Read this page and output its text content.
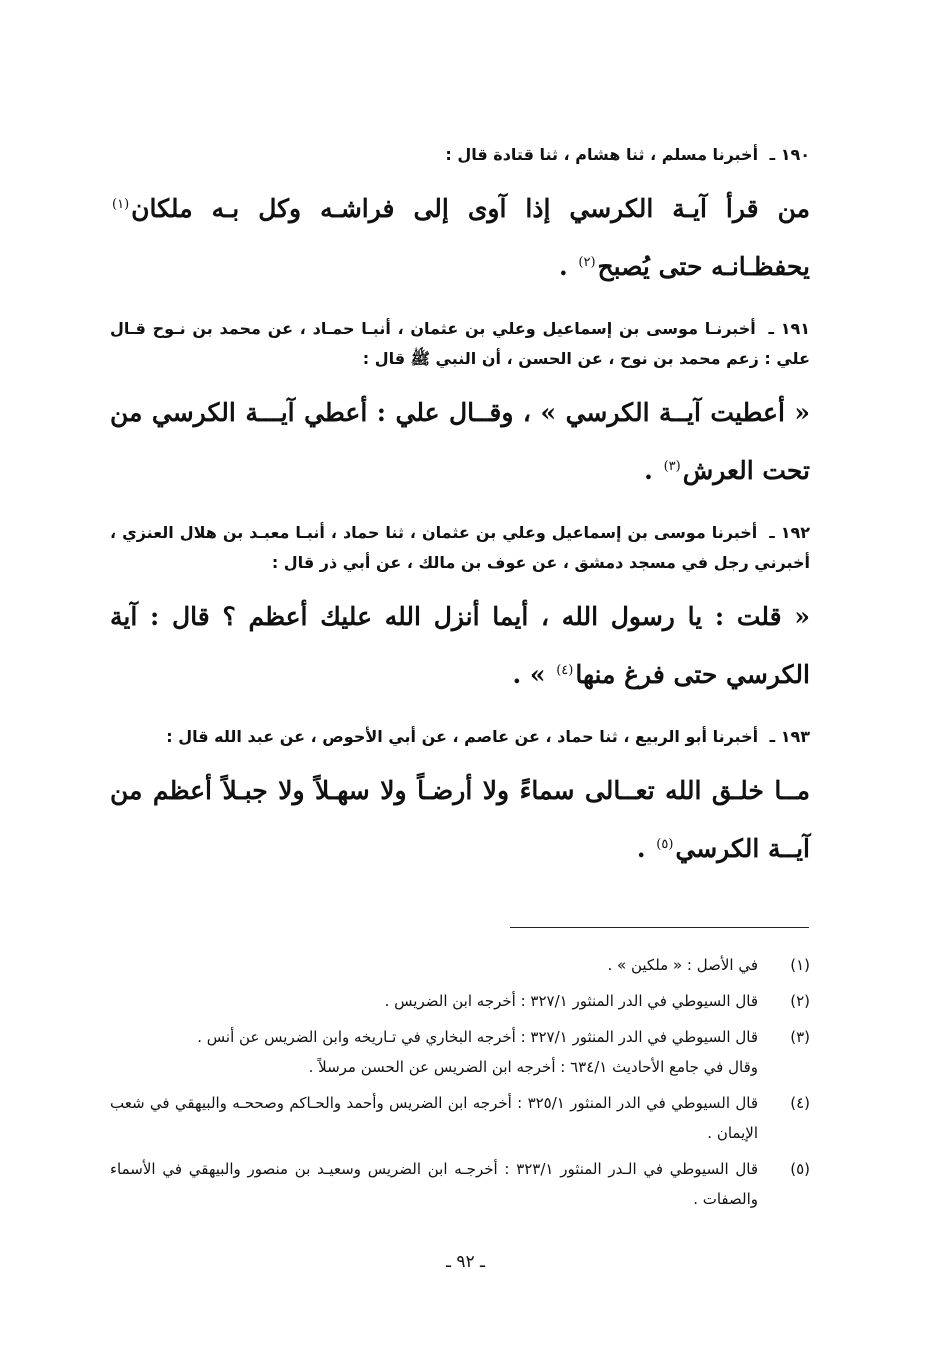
١٩٠ ـ أخبرنا مسلم ، ثنا هشام ، ثنا قتادة قال :

من قرأ آيـة الكرسي إذا آوى إلى فراشـه وكل بـه ملكان$^{(١)}$ يحفظـانـه حتى يُصبح$^{(٢)}$ .

١٩١ ـ أخبرنـا موسى بن إسماعيل وعلي بن عثمان ، أنبـا حمـاد ، عن محمد بن نـوح قـال علي : زعم محمد بن نوح ، عن الحسن ، أن النبي ﷺ قال :

« أعطيت آيــة الكرسي » ، وقــال علي : أعطي آيـــة الكرسي من تحت العرش$^{(٣)}$ .

١٩٢ ـ أخبرنا موسى بن إسماعيل وعلي بن عثمان ، ثنا حماد ، أنبـا معبـد بن هلال العنزي ، أخبرني رجل في مسجد دمشق ، عن عوف بن مالك ، عن أبي ذر قال :

« قلت : يا رسول الله ، أيما أنزل الله عليك أعظم ؟ قال : آية الكرسي حتى فرغ منها$^{(٤)}$ » .

١٩٣ ـ أخبرنا أبو الربيع ، ثنا حماد ، عن عاصم ، عن أبي الأحوص ، عن عبد الله قال :

مــا خلـق الله تعــالى سماءً ولا أرضـاً ولا سهـلاً ولا جبـلاً أعظم من آيــة الكرسي$^{(٥)}$ .

(١)
في الأصل : « ملكين » .
(٢)
قال السيوطي في الدر المنثور ٣٢٧/١ : أخرجه ابن الضريس .
(٣)
قال السيوطي في الدر المنثور ٣٢٧/١ : أخرجه البخاري في تـاريخه وابن الضريس عن أنس .
وقال في جامع الأحاديث ٦٣٤/١ : أخرجه ابن الضريس عن الحسن مرسلاً .
(٤)
قال السيوطي في الدر المنثور ٣٢٥/١ : أخرجه ابن الضريس وأحمد والحـاكم وصححـه والبيهقي في شعب الإيمان .
(٥)
قال السيوطي في الـدر المنثور ٣٢٣/١ : أخرجـه ابن الضريس وسعيـد بن منصور والبيهقي في الأسماء والصفات .
ـ ٩٢ ـ
